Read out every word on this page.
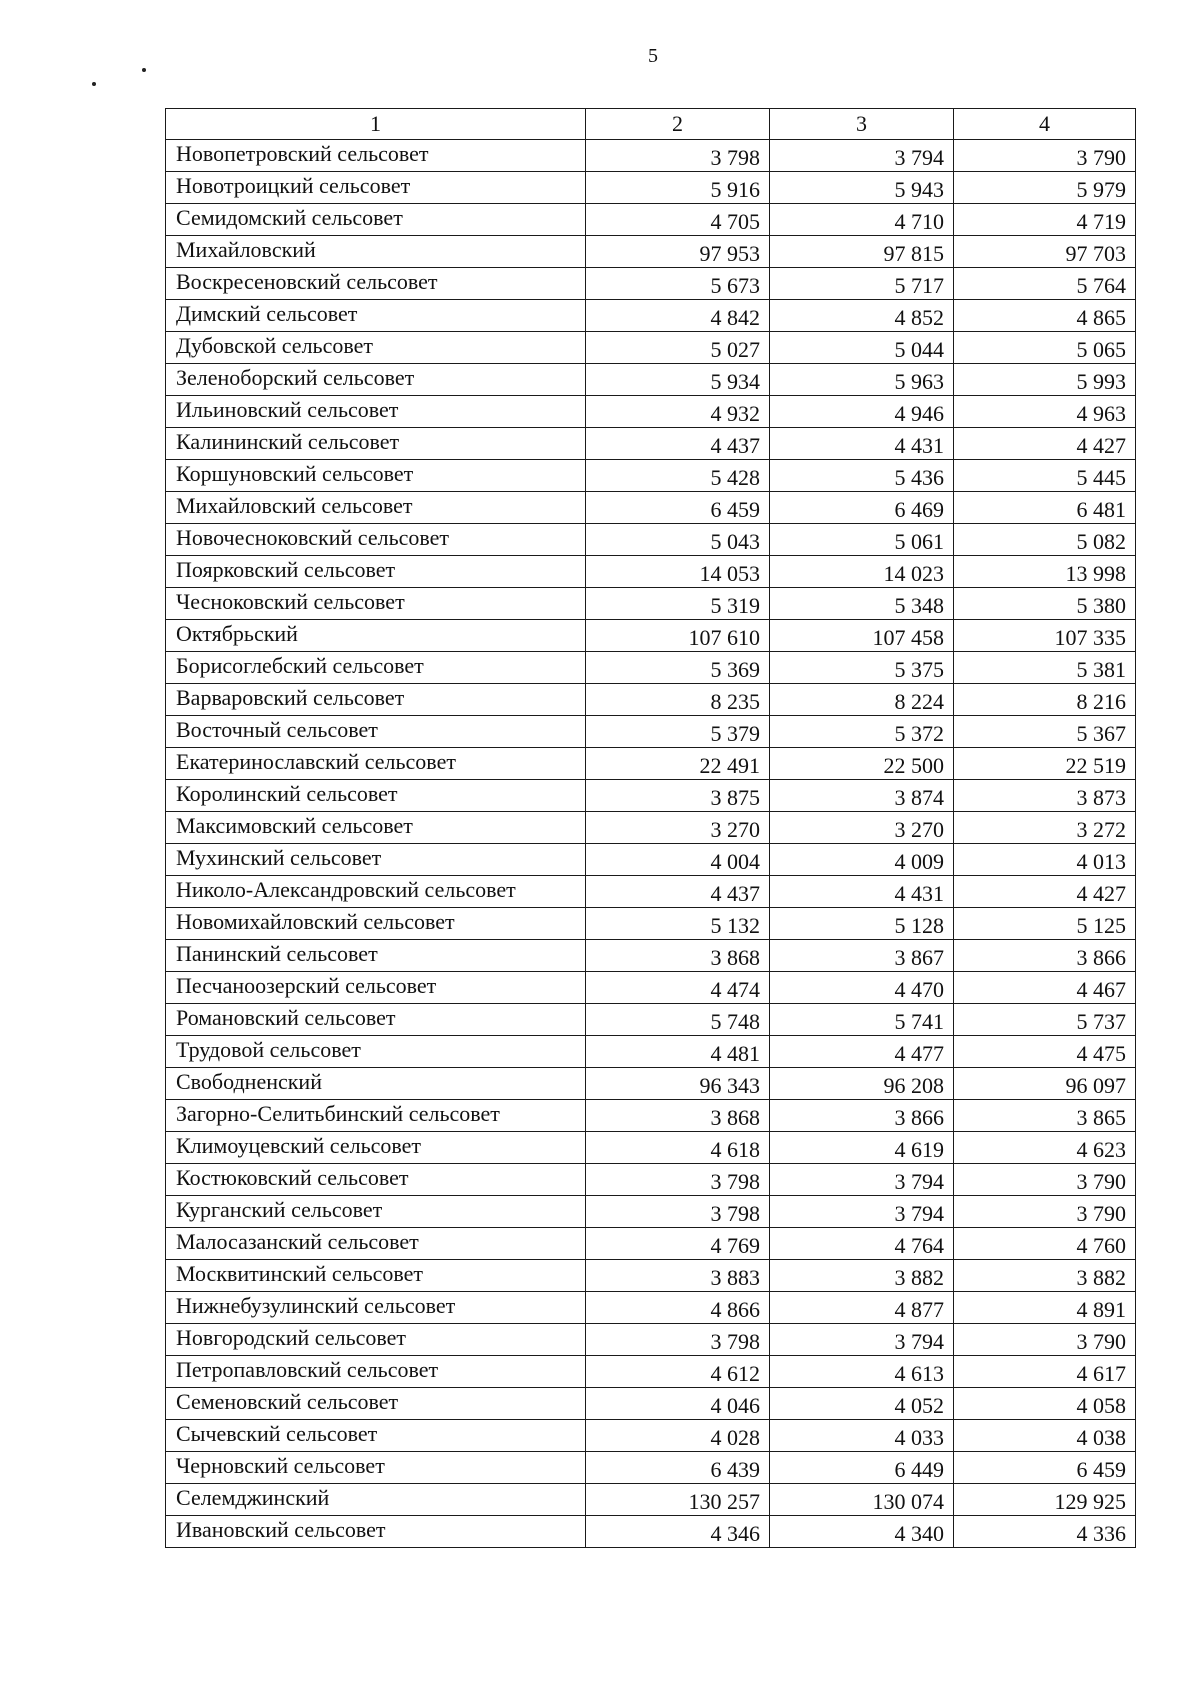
5
1	2	3	4
Новопетровский сельсовет	3 798	3 794	3 790
Новотроицкий сельсовет	5 916	5 943	5 979
Семидомский сельсовет	4 705	4 710	4 719
Михайловский	97 953	97 815	97 703
Воскресеновский сельсовет	5 673	5 717	5 764
Димский сельсовет	4 842	4 852	4 865
Дубовской сельсовет	5 027	5 044	5 065
Зеленоборский сельсовет	5 934	5 963	5 993
Ильиновский сельсовет	4 932	4 946	4 963
Калининский сельсовет	4 437	4 431	4 427
Коршуновский сельсовет	5 428	5 436	5 445
Михайловский сельсовет	6 459	6 469	6 481
Новочесноковский сельсовет	5 043	5 061	5 082
Поярковский сельсовет	14 053	14 023	13 998
Чесноковский сельсовет	5 319	5 348	5 380
Октябрьский	107 610	107 458	107 335
Борисоглебский сельсовет	5 369	5 375	5 381
Варваровский сельсовет	8 235	8 224	8 216
Восточный сельсовет	5 379	5 372	5 367
Екатеринославский сельсовет	22 491	22 500	22 519
Королинский сельсовет	3 875	3 874	3 873
Максимовский сельсовет	3 270	3 270	3 272
Мухинский сельсовет	4 004	4 009	4 013
Николо-Александровский сельсовет	4 437	4 431	4 427
Новомихайловский сельсовет	5 132	5 128	5 125
Панинский сельсовет	3 868	3 867	3 866
Песчаноозерский сельсовет	4 474	4 470	4 467
Романовский сельсовет	5 748	5 741	5 737
Трудовой сельсовет	4 481	4 477	4 475
Свободненский	96 343	96 208	96 097
Загорно-Селитьбинский сельсовет	3 868	3 866	3 865
Климоуцевский сельсовет	4 618	4 619	4 623
Костюковский сельсовет	3 798	3 794	3 790
Курганский сельсовет	3 798	3 794	3 790
Малосазанский сельсовет	4 769	4 764	4 760
Москвитинский сельсовет	3 883	3 882	3 882
Нижнебузулинский сельсовет	4 866	4 877	4 891
Новгородский сельсовет	3 798	3 794	3 790
Петропавловский сельсовет	4 612	4 613	4 617
Семеновский сельсовет	4 046	4 052	4 058
Сычевский сельсовет	4 028	4 033	4 038
Черновский сельсовет	6 439	6 449	6 459
Селемджинский	130 257	130 074	129 925
Ивановский сельсовет	4 346	4 340	4 336
